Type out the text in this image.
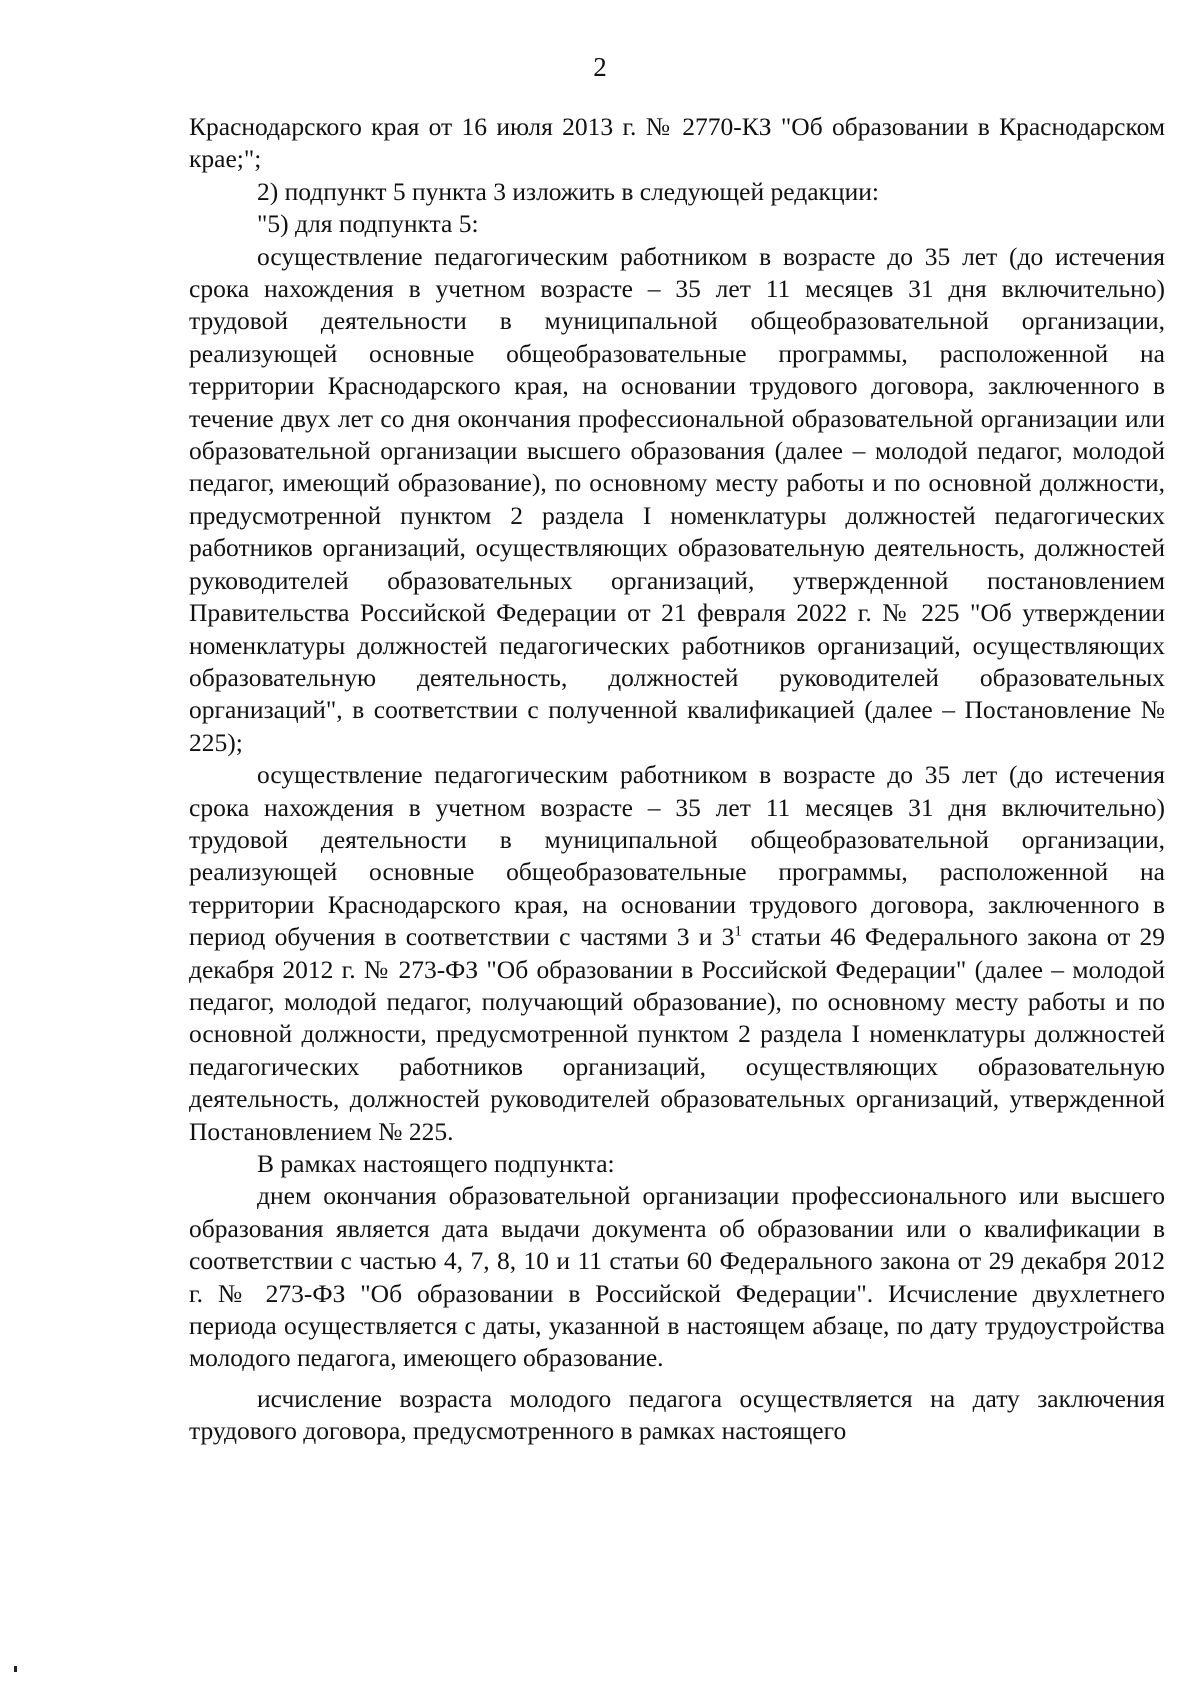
2

Краснодарского края от 16 июля 2013 г. № 2770-КЗ "Об образовании в Краснодарском крае;";

2) подпункт 5 пункта 3 изложить в следующей редакции:

"5) для подпункта 5:

осуществление педагогическим работником в возрасте до 35 лет (до истечения срока нахождения в учетном возрасте – 35 лет 11 месяцев 31 дня включительно) трудовой деятельности в муниципальной общеобразовательной организации, реализующей основные общеобразовательные программы, расположенной на территории Краснодарского края, на основании трудового договора, заключенного в течение двух лет со дня окончания профессиональной образовательной организации или образовательной организации высшего образования (далее – молодой педагог, молодой педагог, имеющий образование), по основному месту работы и по основной должности, предусмотренной пунктом 2 раздела I номенклатуры должностей педагогических работников организаций, осуществляющих образовательную деятельность, должностей руководителей образовательных организаций, утвержденной постановлением Правительства Российской Федерации от 21 февраля 2022 г. № 225 "Об утверждении номенклатуры должностей педагогических работников организаций, осуществляющих образовательную деятельность, должностей руководителей образовательных организаций", в соответствии с полученной квалификацией (далее – Постановление № 225);

осуществление педагогическим работником в возрасте до 35 лет (до истечения срока нахождения в учетном возрасте – 35 лет 11 месяцев 31 дня включительно) трудовой деятельности в муниципальной общеобразовательной организации, реализующей основные общеобразовательные программы, расположенной на территории Краснодарского края, на основании трудового договора, заключенного в период обучения в соответствии с частями 3 и $3^1$ статьи 46 Федерального закона от 29 декабря 2012 г. № 273-ФЗ "Об образовании в Российской Федерации" (далее – молодой педагог, молодой педагог, получающий образование), по основному месту работы и по основной должности, предусмотренной пунктом 2 раздела I номенклатуры должностей педагогических работников организаций, осуществляющих образовательную деятельность, должностей руководителей образовательных организаций, утвержденной Постановлением № 225.

В рамках настоящего подпункта:

днем окончания образовательной организации профессионального или высшего образования является дата выдачи документа об образовании или о квалификации в соответствии с частью 4, 7, 8, 10 и 11 статьи 60 Федерального закона от 29 декабря 2012 г. № 273-ФЗ "Об образовании в Российской Федерации". Исчисление двухлетнего периода осуществляется с даты, указанной в настоящем абзаце, по дату трудоустройства молодого педагога, имеющего образование.

исчисление возраста молодого педагога осуществляется на дату заключения трудового договора, предусмотренного в рамках настоящего
